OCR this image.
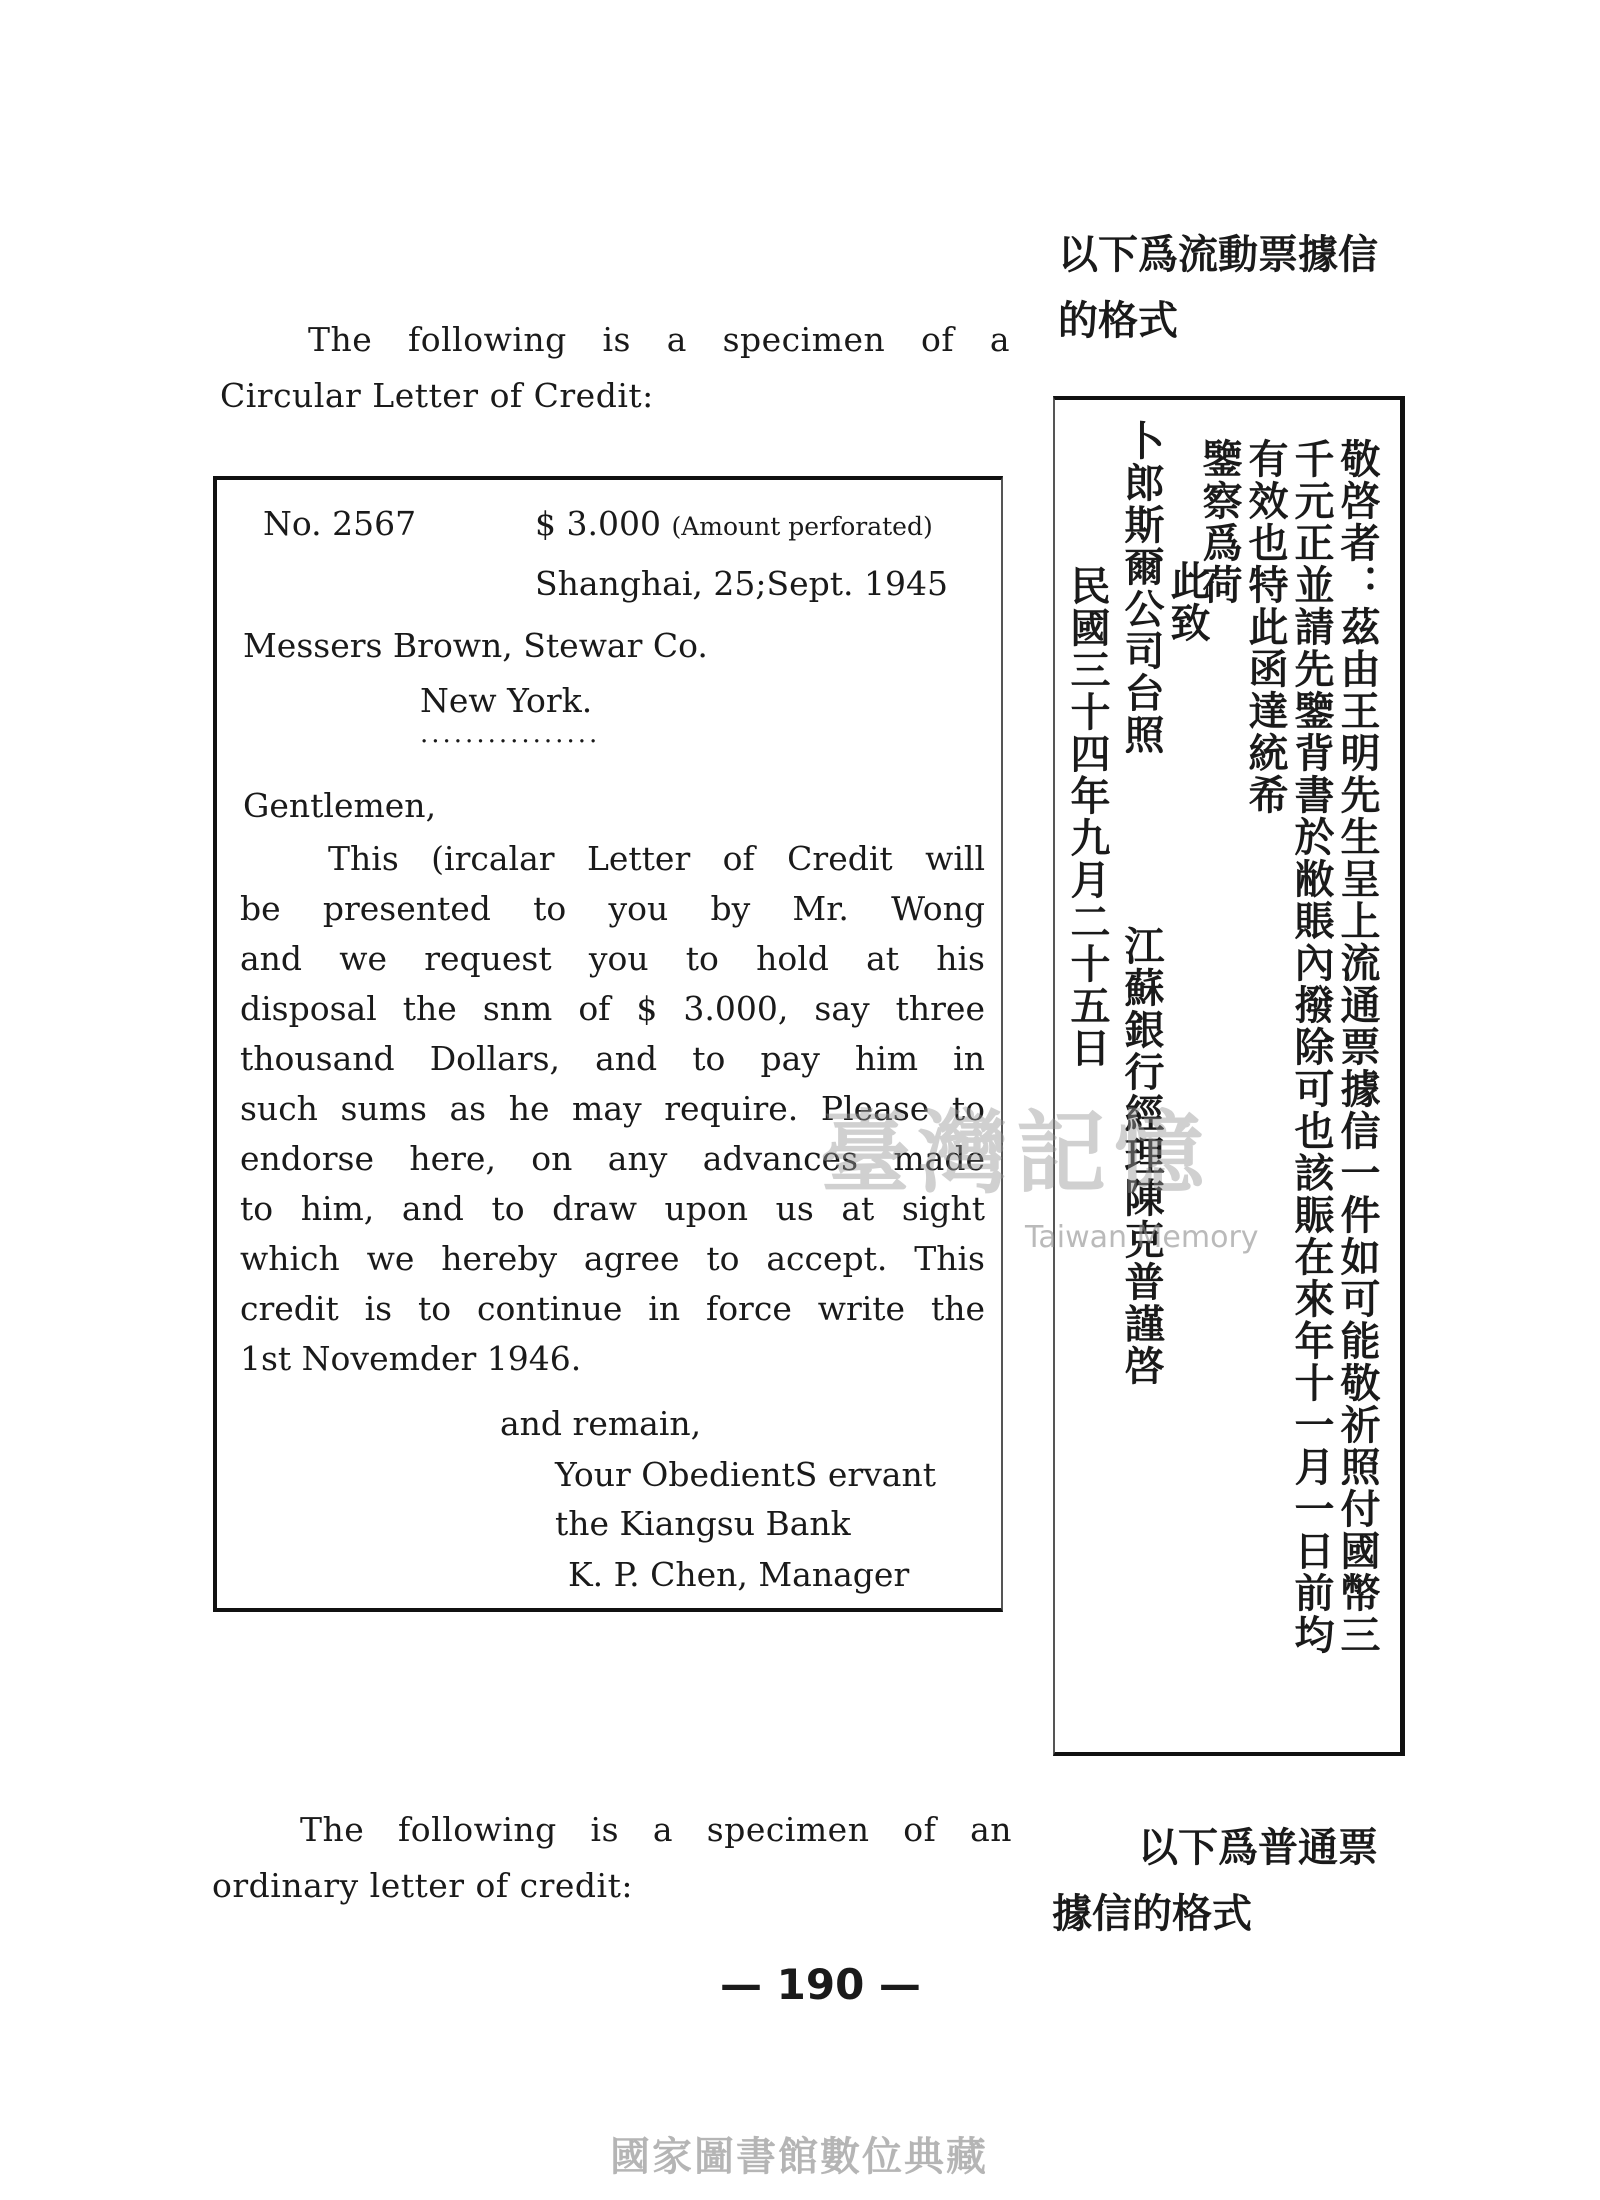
The following is a specimen of a
Circular Letter of Credit:
以下爲流動票據信
的格式
No. 2567	$ 3.000 (Amount perforated)
Shanghai, 25;Sept. 1945
Messers Brown, Stewar Co.
New York.
................
Gentlemen,
This (ircalar Letter of Credit will
be presented to you by Mr. Wong
and we request you to hold at his
disposal the snm of $ 3.000, say three
thousand Dollars, and to pay him in
such sums as he may require. Please to
endorse here, on any advances made
to him, and to draw upon us at sight
which we hereby agree to accept. This
credit is to continue in force write the
1st Novemder 1946.
and remain,
Your ObedientS ervant
the Kiangsu Bank
K. P. Chen, Manager	敬啓者：茲由王明先生呈上流通票據信一件如可能敬祈照付國幣三
千元正並請先鑒背書於敝賬內撥除可也該賑在來年十一月一日前均
有效也特此函達統希
鑒察爲荷
此致
卜郎斯爾公司台照
江蘇銀行經理陳克普謹啓
民國三十四年九月二十五日
The following is a specimen of an
ordinary letter of credit:
以下爲普通票
據信的格式
臺灣記憶
Taiwan Memory
— 190 —
國家圖書館數位典藏
